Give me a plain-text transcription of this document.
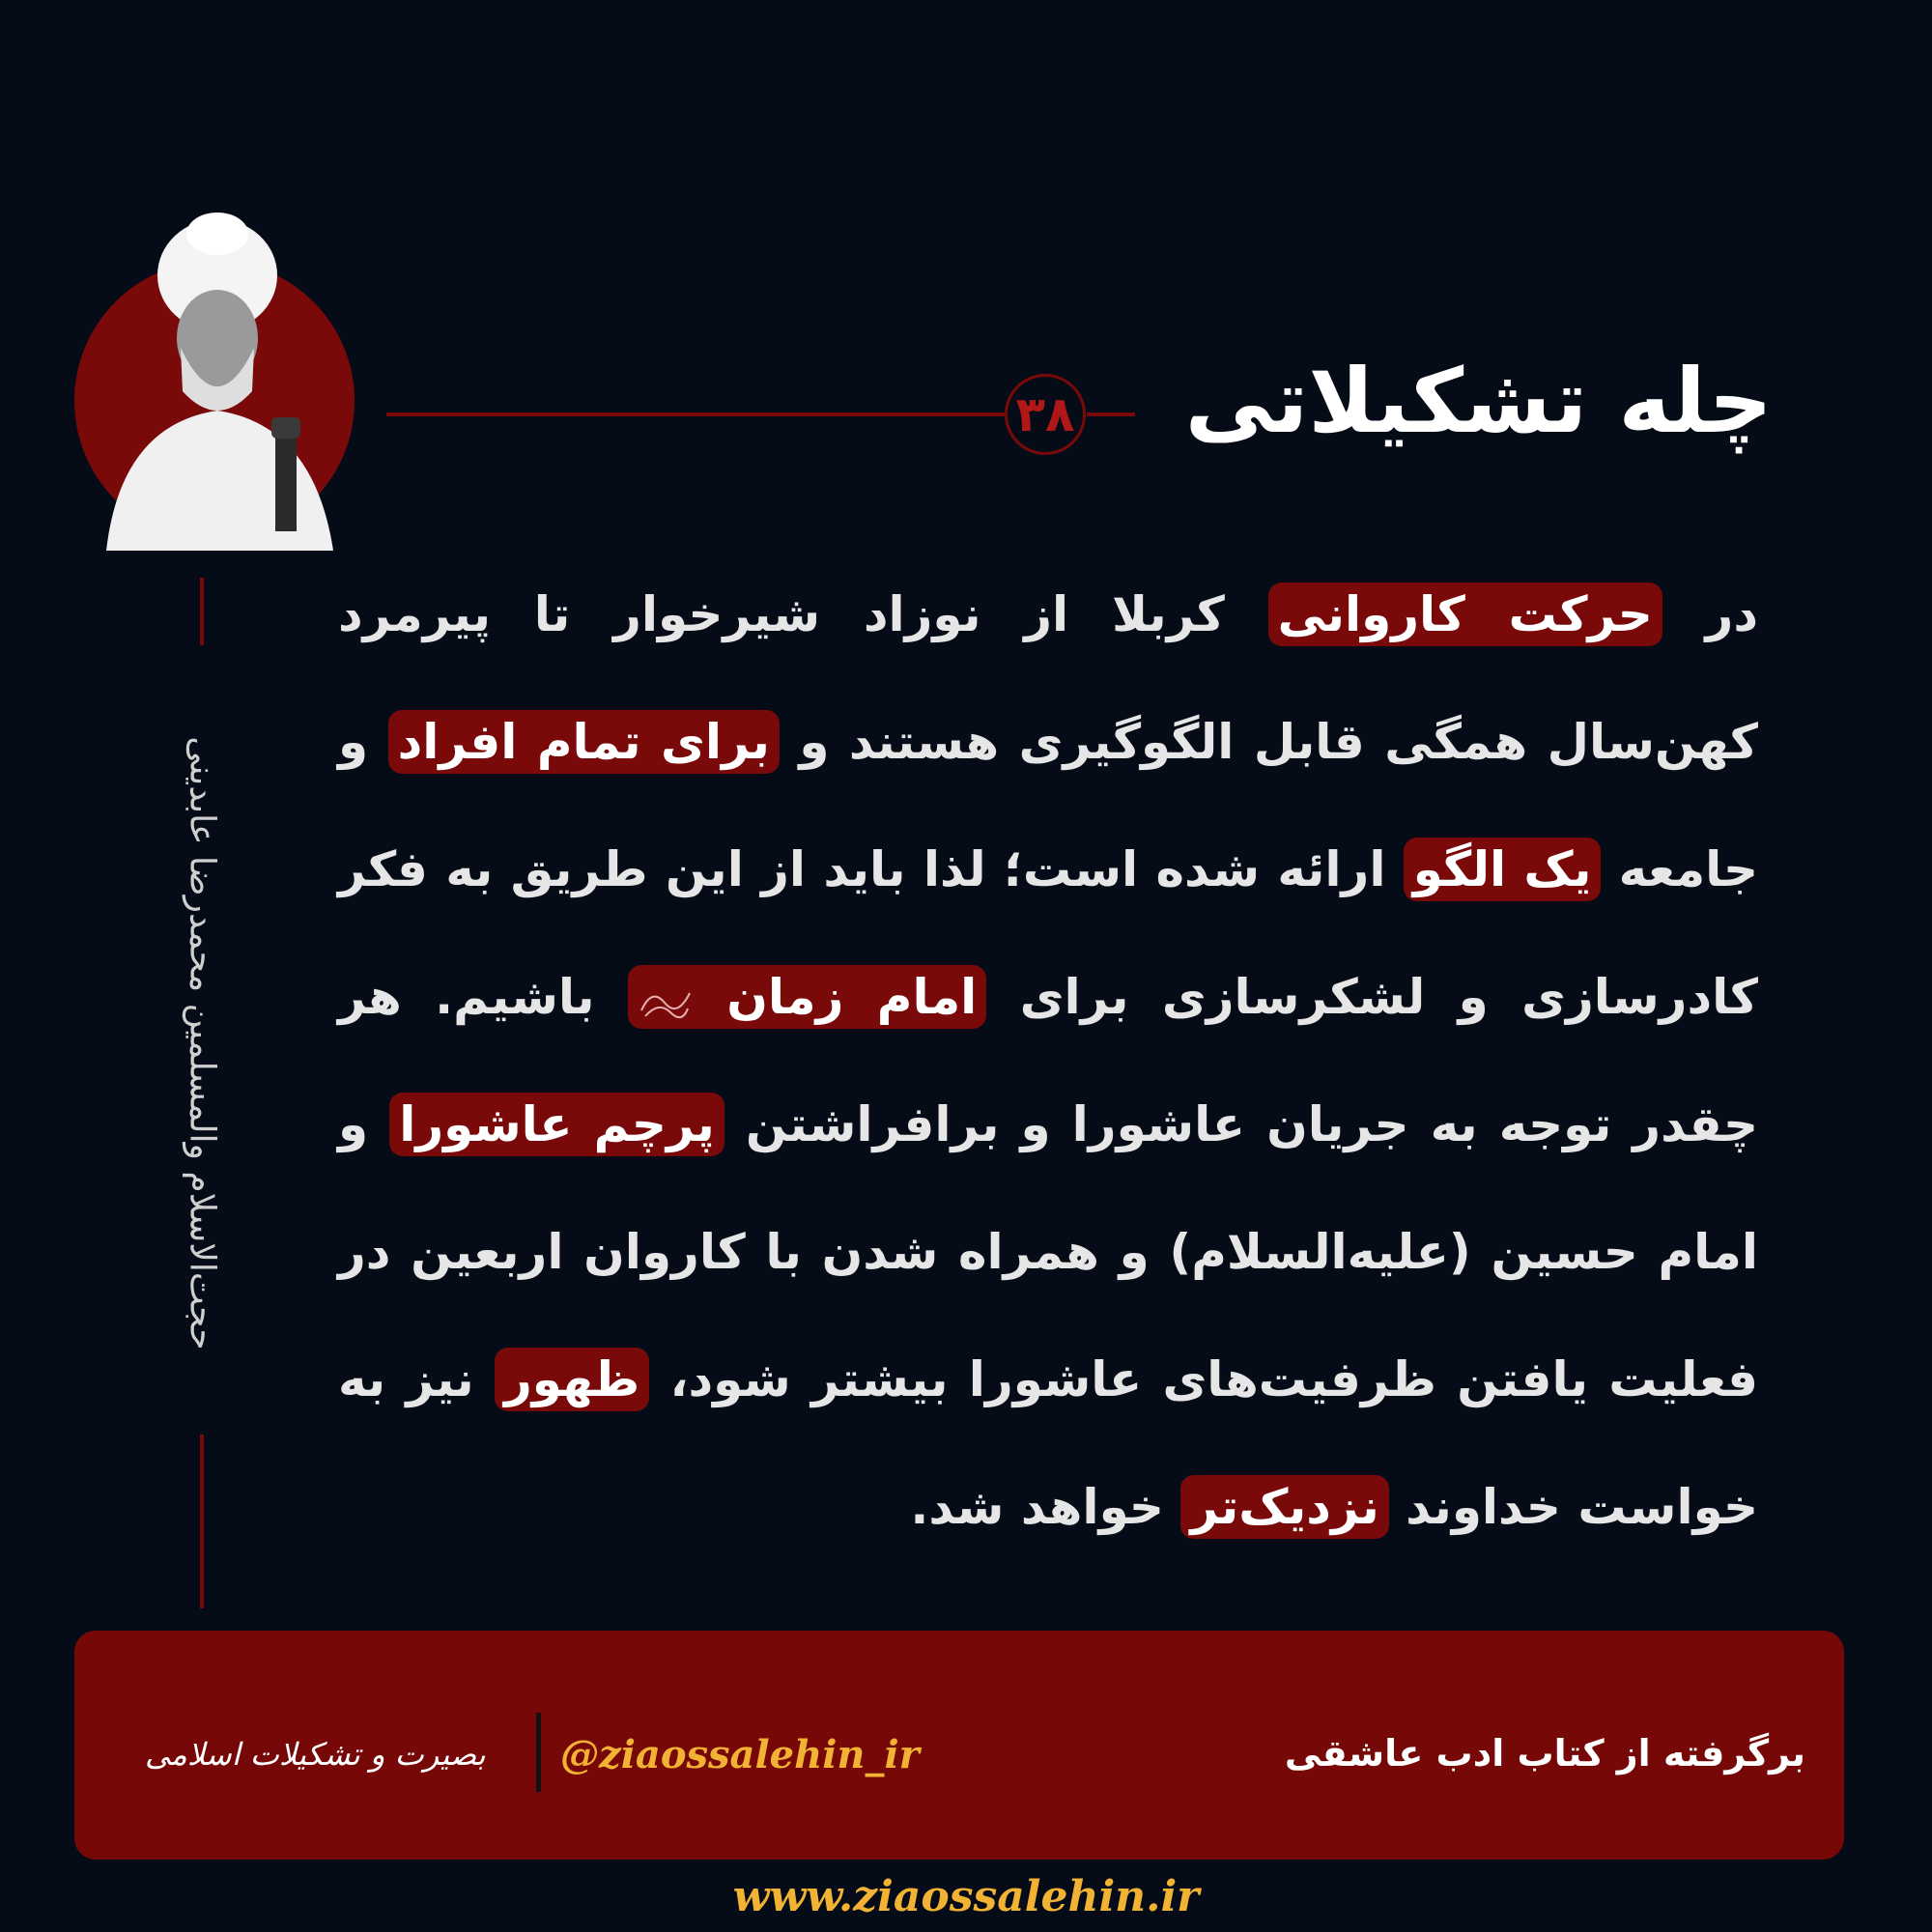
۳۸ چله تشکیلاتی
حجت‌الاسلام والمسلمین محمدرضا عابدینی
در حرکت کاروانی کربلا از نوزاد شیرخوار تا پیرمرد کهن‌سال همگی قابل الگوگیری هستند و برای تمام افراد و جامعه یک الگو ارائه شده است؛ لذا باید از این طریق به فکر کادرسازی و لشکرسازی برای امام زمان  باشیم. هر چقدر توجه به جریان عاشورا و برافراشتن پرچم عاشورا و امام حسین (علیه‌السلام) و همراه شدن با کاروان اربعین در فعلیت یافتن ظرفیت‌های عاشورا بیشتر شود، ظهور نیز به خواست خداوند نزدیک‌تر خواهد شد.
برگرفته از کتاب ادب عاشقی
@ziaossalehin_ir
بصیرت و تشکیلات اسلامی
www.ziaossalehin.ir
